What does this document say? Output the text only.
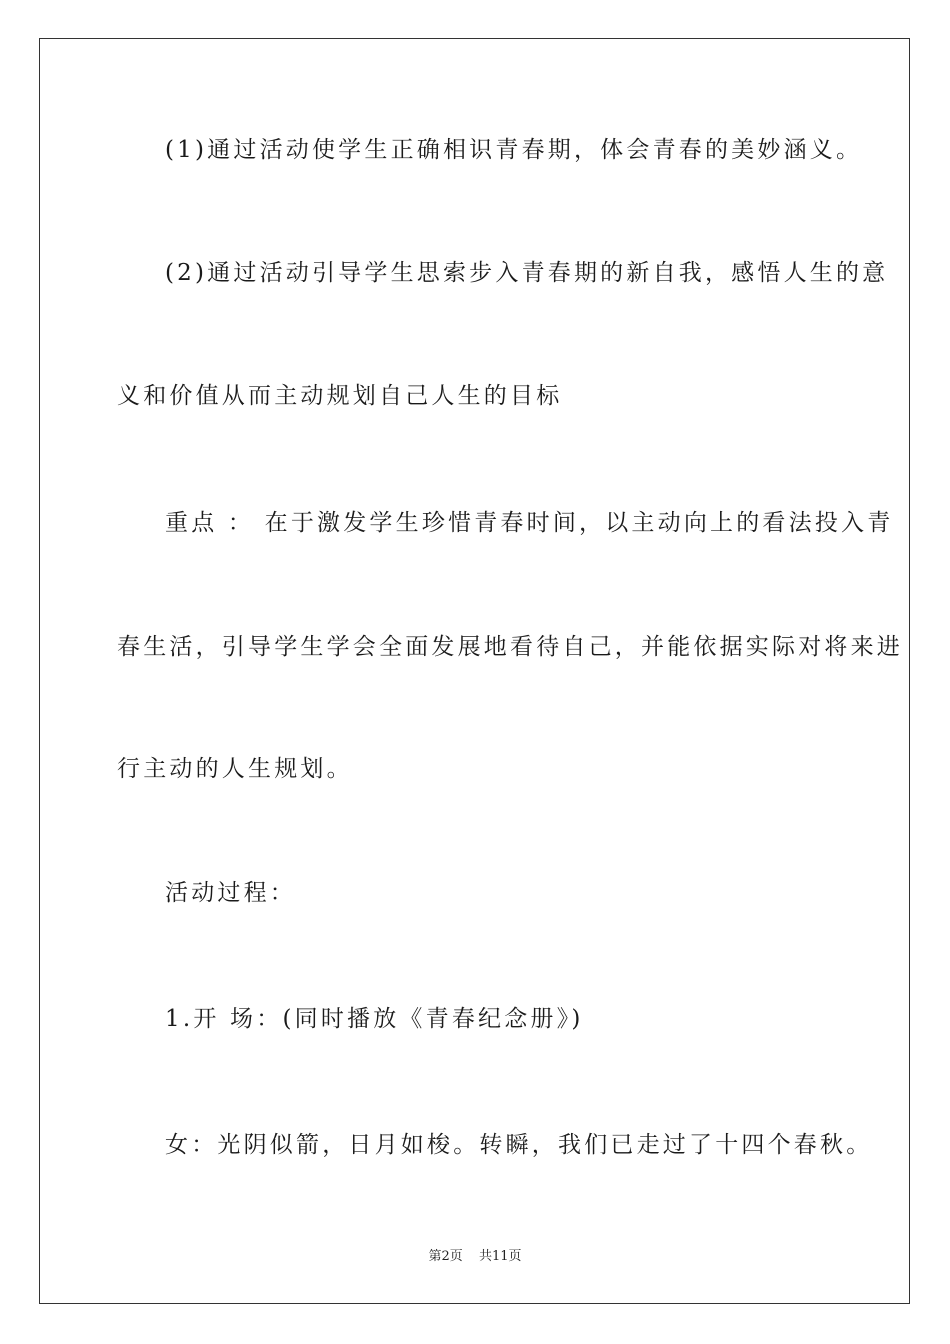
(1)通过活动使学生正确相识青春期，体会青春的美妙涵义。
(2)通过活动引导学生思索步入青春期的新自我，感悟人生的意
义和价值从而主动规划自己人生的目标
重点 ： 在于激发学生珍惜青春时间，以主动向上的看法投入青
春生活，引导学生学会全面发展地看待自己，并能依据实际对将来进
行主动的人生规划。
活动过程：
1.开 场：(同时播放《青春纪念册》)
女：光阴似箭，日月如梭。转瞬，我们已走过了十四个春秋。
第2页 共11页
